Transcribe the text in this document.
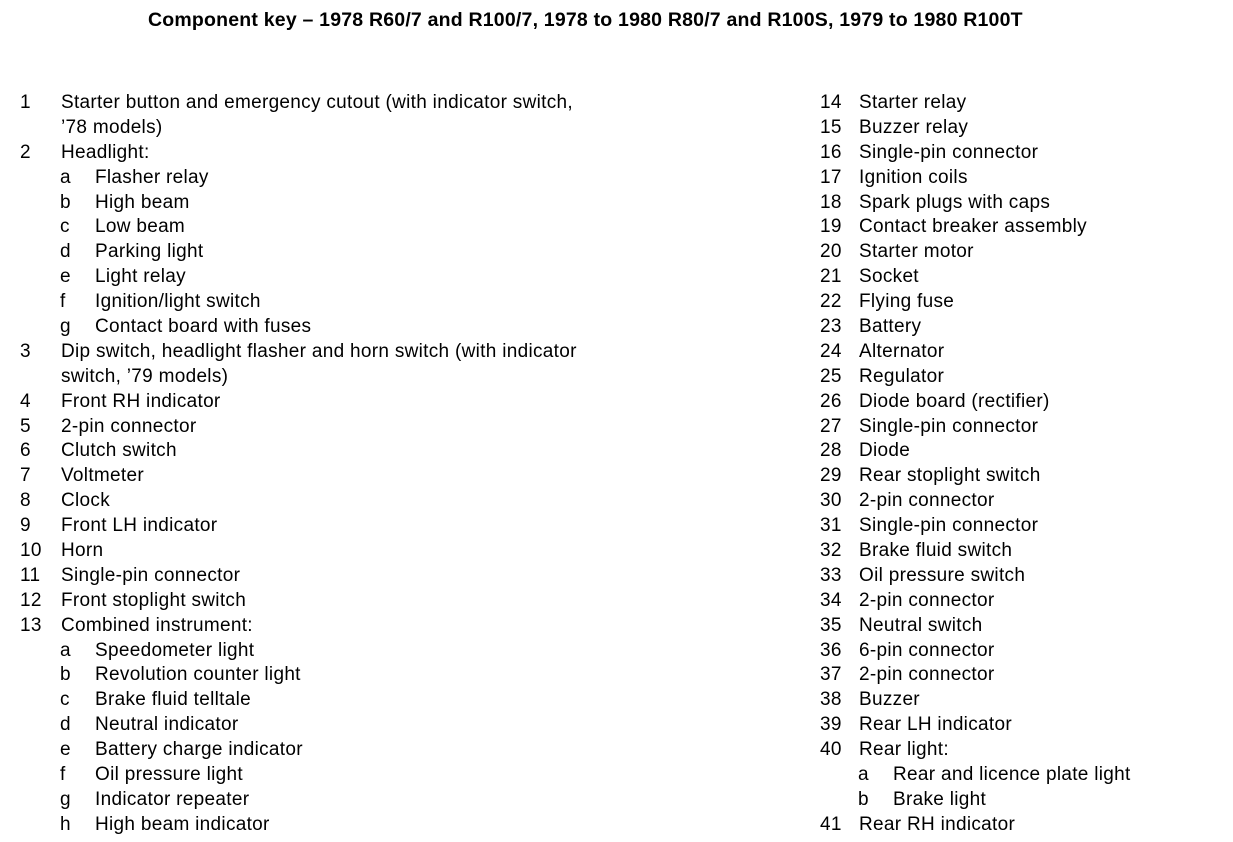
Component key – 1978 R60/7 and R100/7, 1978 to 1980 R80/7 and R100S, 1979 to 1980 R100T
1 Starter button and emergency cutout (with indicator switch,
’78 models)
2 Headlight:
a Flasher relay
b High beam
c Low beam
d Parking light
e Light relay
f Ignition/light switch
g Contact board with fuses
3 Dip switch, headlight flasher and horn switch (with indicator
switch, ’79 models)
4 Front RH indicator
5 2-pin connector
6 Clutch switch
7 Voltmeter
8 Clock
9 Front LH indicator
10 Horn
11 Single-pin connector
12 Front stoplight switch
13 Combined instrument:
a Speedometer light
b Revolution counter light
c Brake fluid telltale
d Neutral indicator
e Battery charge indicator
f Oil pressure light
g Indicator repeater
h High beam indicator
14 Starter relay
15 Buzzer relay
16 Single-pin connector
17 Ignition coils
18 Spark plugs with caps
19 Contact breaker assembly
20 Starter motor
21 Socket
22 Flying fuse
23 Battery
24 Alternator
25 Regulator
26 Diode board (rectifier)
27 Single-pin connector
28 Diode
29 Rear stoplight switch
30 2-pin connector
31 Single-pin connector
32 Brake fluid switch
33 Oil pressure switch
34 2-pin connector
35 Neutral switch
36 6-pin connector
37 2-pin connector
38 Buzzer
39 Rear LH indicator
40 Rear light:
a Rear and licence plate light
b Brake light
41 Rear RH indicator
